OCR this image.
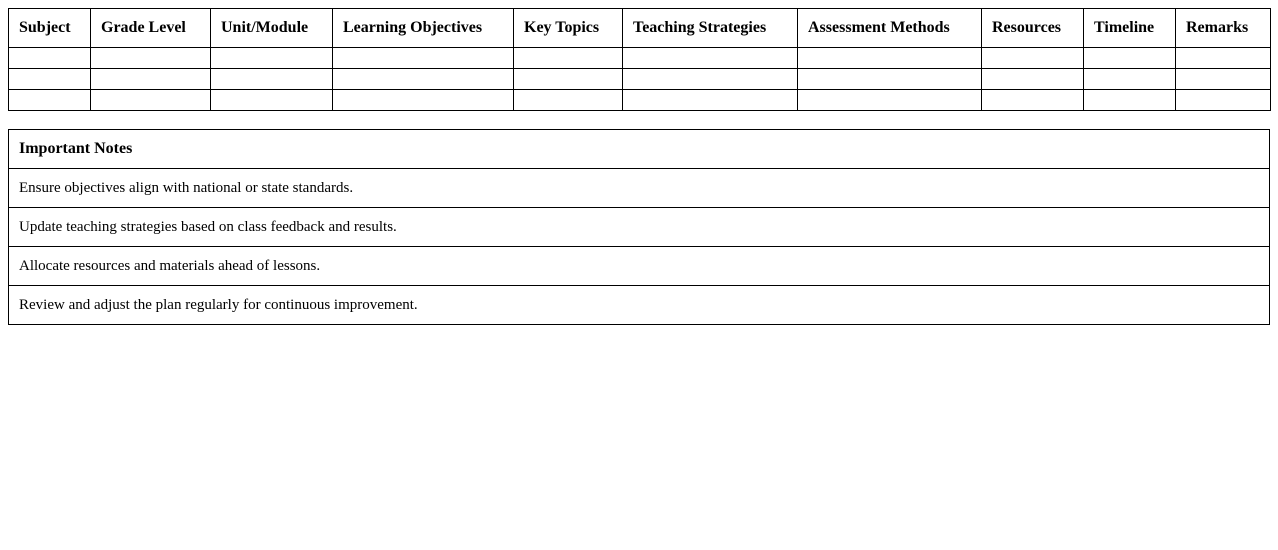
Subject	Grade Level	Unit/Module	Learning Objectives	Key Topics	Teaching Strategies	Assessment Methods	Resources	Timeline	Remarks

Important Notes
Ensure objectives align with national or state standards.
Update teaching strategies based on class feedback and results.
Allocate resources and materials ahead of lessons.
Review and adjust the plan regularly for continuous improvement.
